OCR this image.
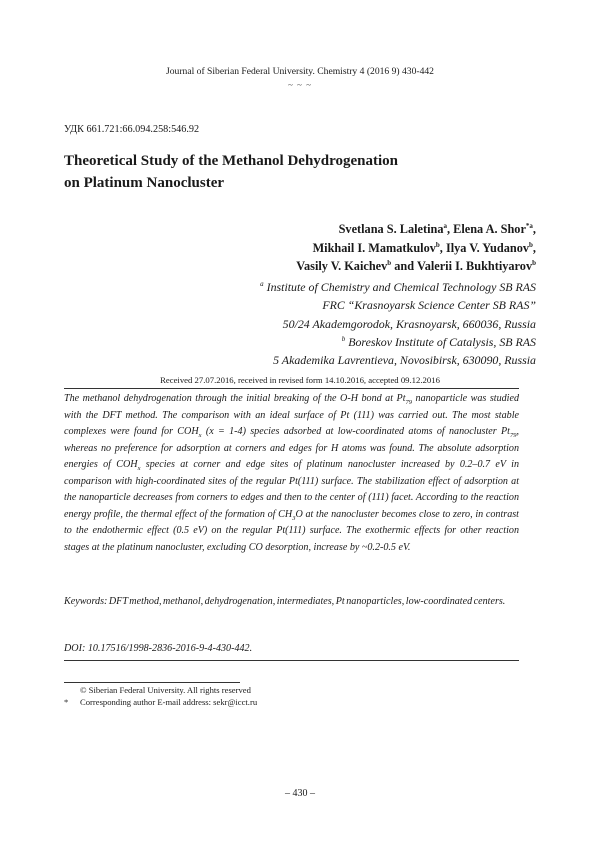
Journal of Siberian Federal University. Chemistry 4 (2016 9) 430-442
~ ~ ~
УДК 661.721:66.094.258:546.92
Theoretical Study of the Methanol Dehydrogenation
on Platinum Nanocluster
Svetlana S. Laletina$^a$, Elena A. Shor$^{*a}$,
Mikhail I. Mamatkulov$^b$, Ilya V. Yudanov$^b$,
Vasily V. Kaichev$^b$ and Valerii I. Bukhtiyarov$^b$
$^a$ Institute of Chemistry and Chemical Technology SB RAS
FRC “Krasnoyarsk Science Center SB RAS”
50/24 Akademgorodok, Krasnoyarsk, 660036, Russia
$^b$ Boreskov Institute of Catalysis, SB RAS
5 Akademika Lavrentieva, Novosibirsk, 630090, Russia
Received 27.07.2016, received in revised form 14.10.2016, accepted 09.12.2016

The methanol dehydrogenation through the initial breaking of the O-H bond at $Pt_{79}$ nanoparticle was studied with the DFT method. The comparison with an ideal surface of Pt (111) was carried out. The most stable complexes were found for $COH_x$ (x = 1-4) species adsorbed at low-coordinated atoms of nanocluster $Pt_{79}$, whereas no preference for adsorption at corners and edges for H atoms was found. The absolute adsorption energies of $COH_x$ species at corner and edge sites of platinum nanocluster increased by 0.2–0.7 eV in comparison with high-coordinated sites of the regular Pt(111) surface. The stabilization effect of adsorption at the nanoparticle decreases from corners to edges and then to the center of (111) facet. According to the reaction energy profile, the thermal effect of the formation of $CH_3O$ at the nanocluster becomes close to zero, in contrast to the endothermic effect (0.5 eV) on the regular Pt(111) surface. The exothermic effects for other reaction stages at the platinum nanocluster, excluding CO desorption, increase by ~0.2-0.5 eV.

Keywords: DFT method, methanol, dehydrogenation, intermediates, Pt nanoparticles, low-coordinated centers.
DOI: 10.17516/1998-2836-2016-9-4-430-442.
© Siberian Federal University. All rights reserved
* Corresponding author E-mail address: sekr@icct.ru
– 430 –
